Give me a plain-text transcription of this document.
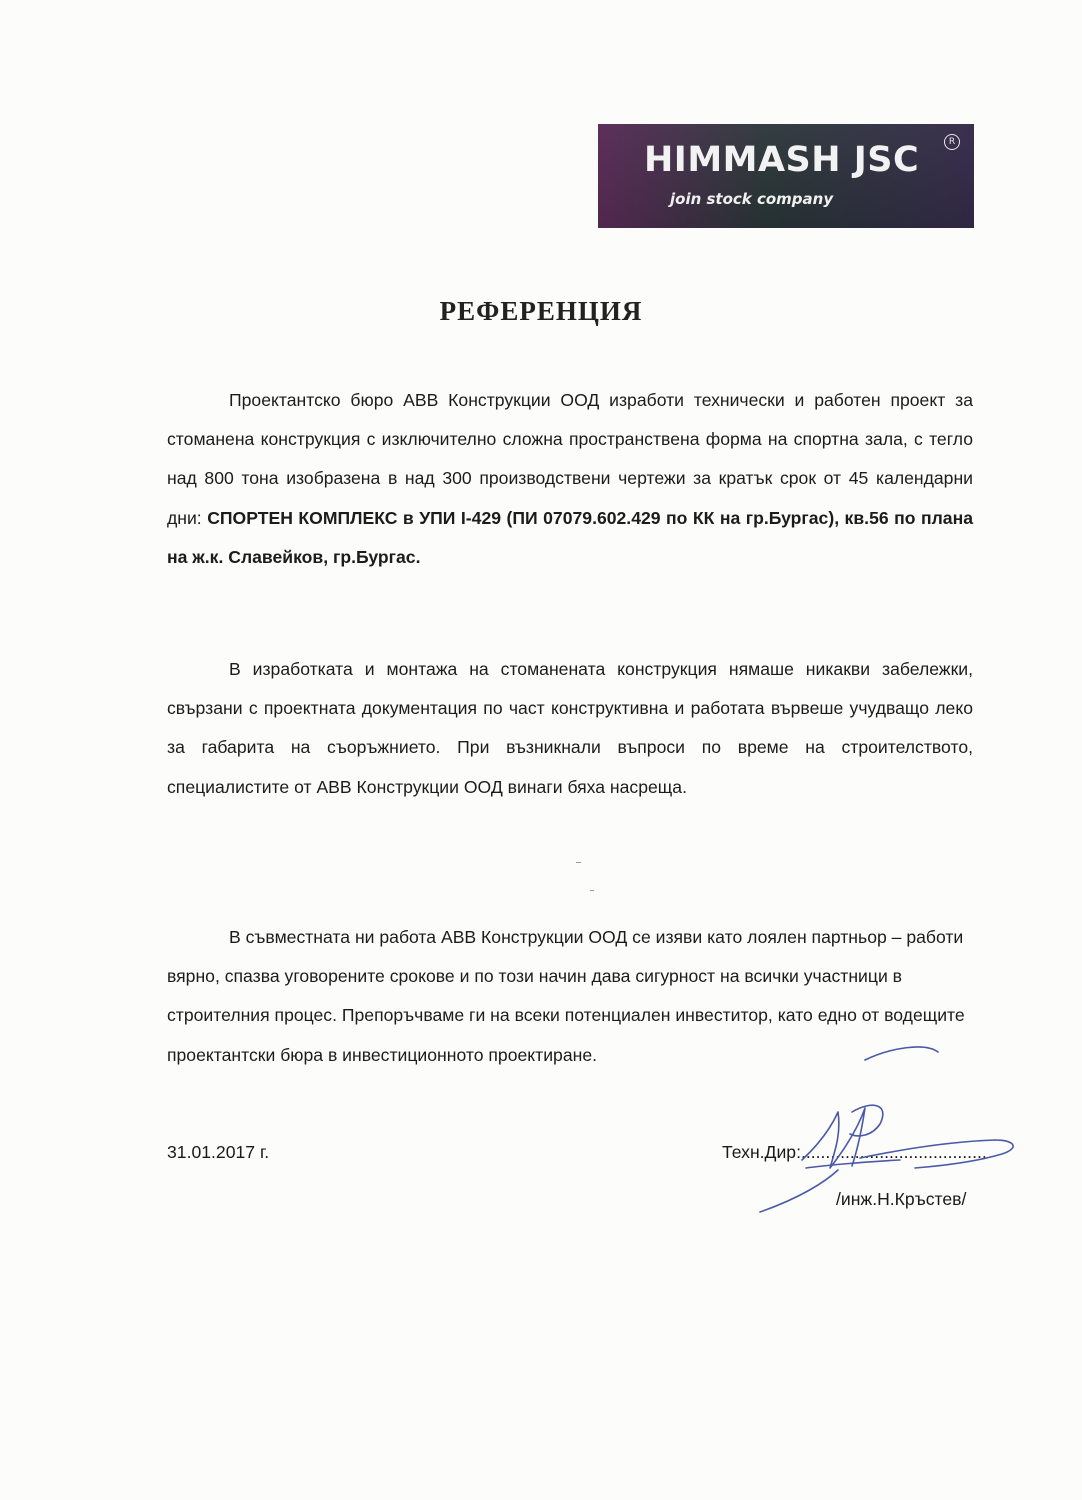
HIMMASH JSC	R
join stock company
РЕФЕРЕНЦИЯ
Проектантско бюро АВВ Конструкции ООД изработи технически и работен проект за стоманена конструкция с изключително сложна пространствена форма на спортна зала, с тегло над 800 тона изобразена в над 300 производствени чертежи за кратък срок от 45 календарни дни: СПОРТЕН КОМПЛЕКС в УПИ I-429 (ПИ 07079.602.429 по КК на гр.Бургас), кв.56 по плана на ж.к. Славейков, гр.Бургас.
В изработката и монтажа на стоманената конструкция нямаше никакви забележки, свързани с проектната документация по част конструктивна и работата вървеше учудващо леко за габарита на съоръжнието. При възникнали въпроси по време на строителството, специалистите от АВВ Конструкции ООД винаги бяха насреща.
В съвместната ни работа АВВ Конструкции ООД се изяви като лоялен партньор – работи вярно, спазва уговорените срокове и по този начин дава сигурност на всички участници в строителния процес. Препоръчваме ги на всеки потенциален инвеститор, като едно от водещите проектантски бюра в инвестиционното проектиране.
31.01.2017 г.	Техн.Дир:......................................
/инж.Н.Кръстев/
